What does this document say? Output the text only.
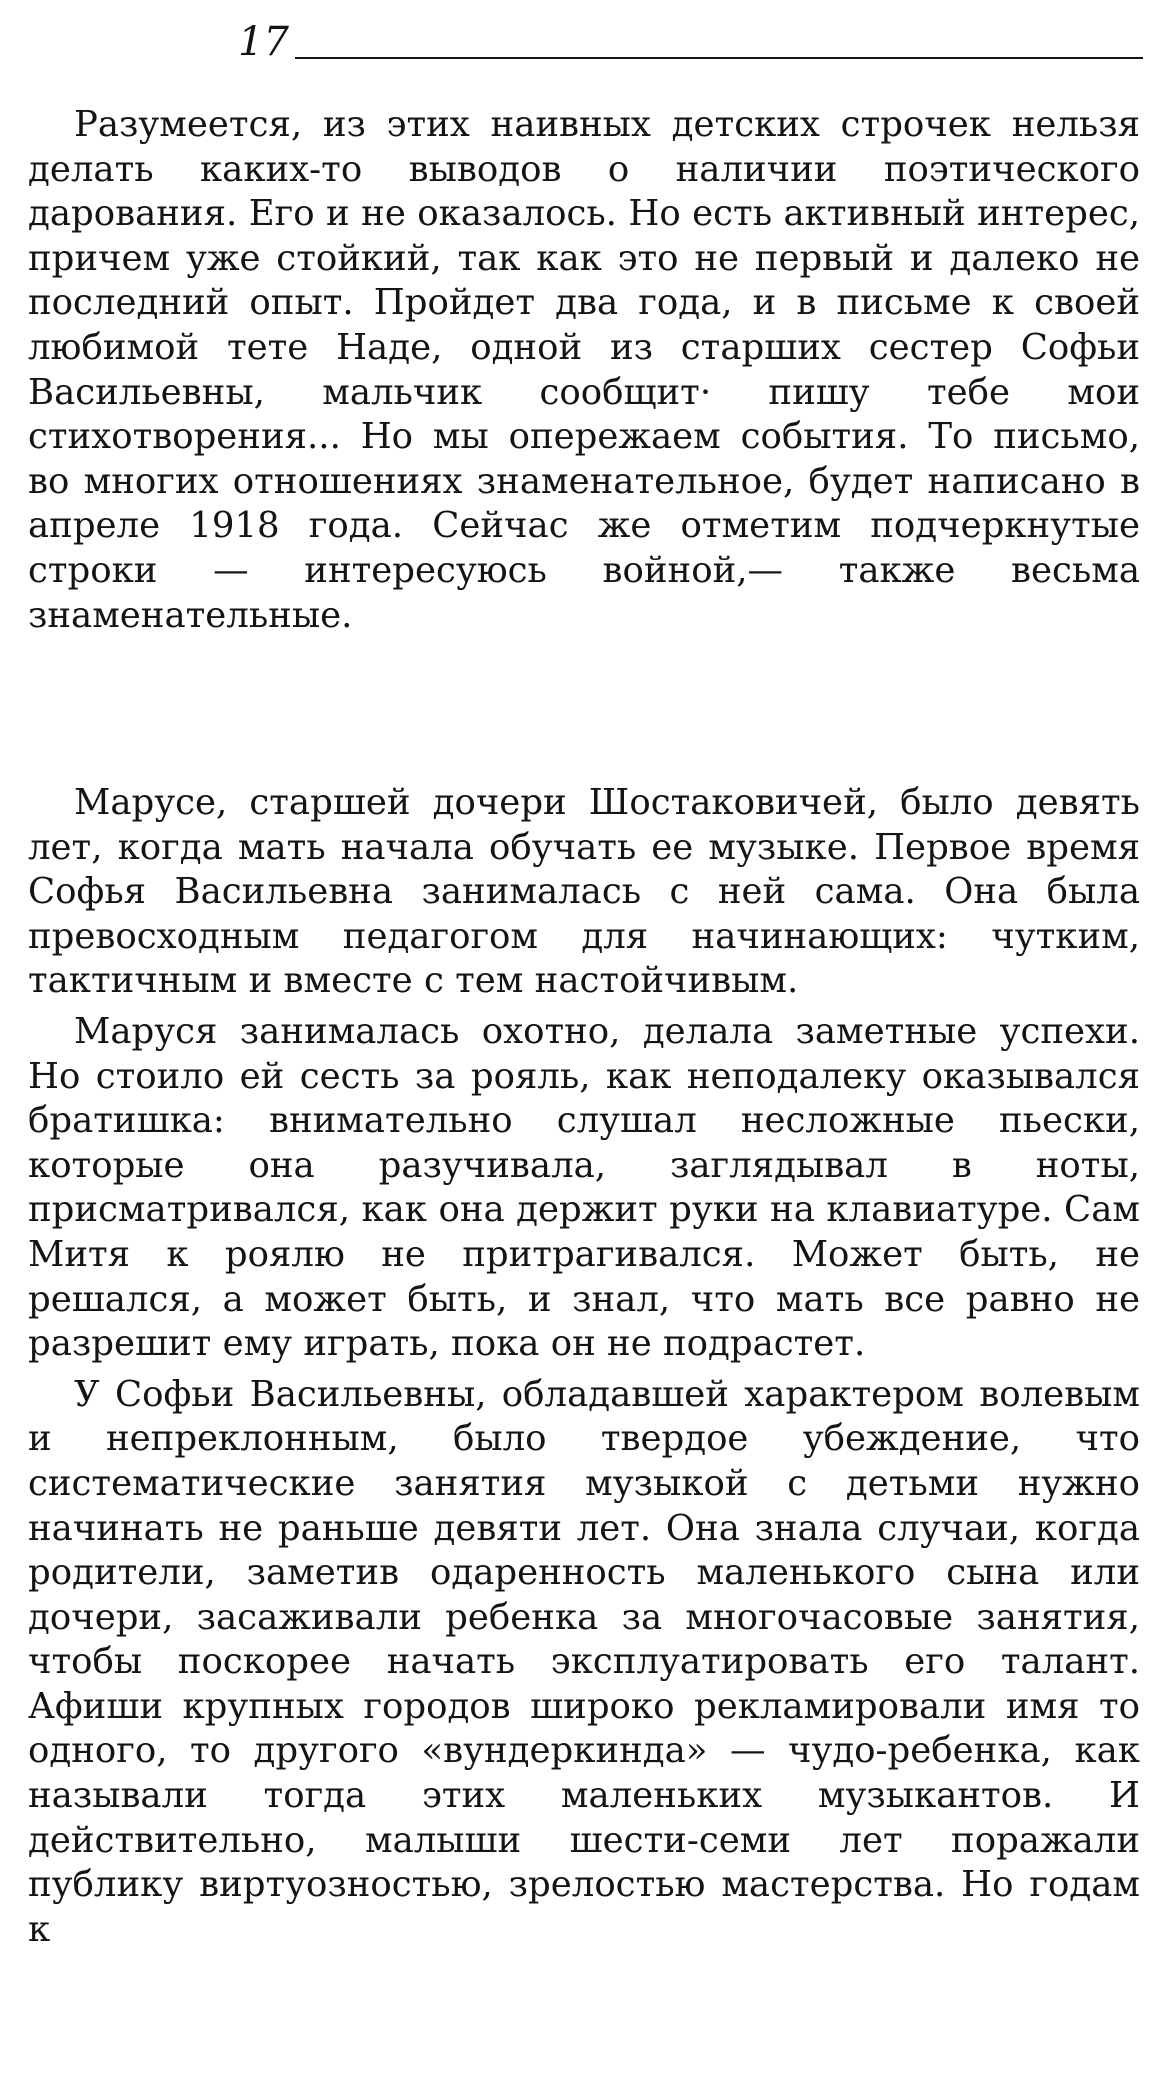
17

Разумеется, из этих наивных детских строчек нельзя делать каких-то выводов о наличии поэтического дарования. Его и не оказалось. Но есть активный интерес, причем уже стойкий, так как это не первый и далеко не последний опыт. Пройдет два года, и в письме к своей любимой тете Наде, одной из старших сестер Софьи Васильевны, мальчик сообщит· пишу тебе мои стихотворения... Но мы опережаем события. То письмо, во многих отношениях знаменательное, будет написано в апреле 1918 года. Сейчас же отметим подчеркнутые строки — интересуюсь войной,— также весьма знаменательные.

Марусе, старшей дочери Шостаковичей, было девять лет, когда мать начала обучать ее музыке. Первое время Софья Васильевна занималась с ней сама. Она была превосходным педагогом для начинающих: чутким, тактичным и вместе с тем настойчивым.

Маруся занималась охотно, делала заметные успехи. Но стоило ей сесть за рояль, как неподалеку оказывался братишка: внимательно слушал несложные пьески, которые она разучивала, заглядывал в ноты, присматривался, как она держит руки на клавиатуре. Сам Митя к роялю не притрагивался. Может быть, не решался, а может быть, и знал, что мать все равно не разрешит ему играть, пока он не подрастет.

У Софьи Васильевны, обладавшей характером волевым и непреклонным, было твердое убеждение, что систематические занятия музыкой с детьми нужно начинать не раньше девяти лет. Она знала случаи, когда родители, заметив одаренность маленького сына или дочери, засаживали ребенка за многочасовые занятия, чтобы поскорее начать эксплуатировать его талант. Афиши крупных городов широко рекламировали имя то одного, то другого «вундеркинда» — чудо-ребенка, как называли тогда этих маленьких музыкантов. И действительно, малыши шести-семи лет поражали публику виртуозностью, зрелостью мастерства. Но годам к
